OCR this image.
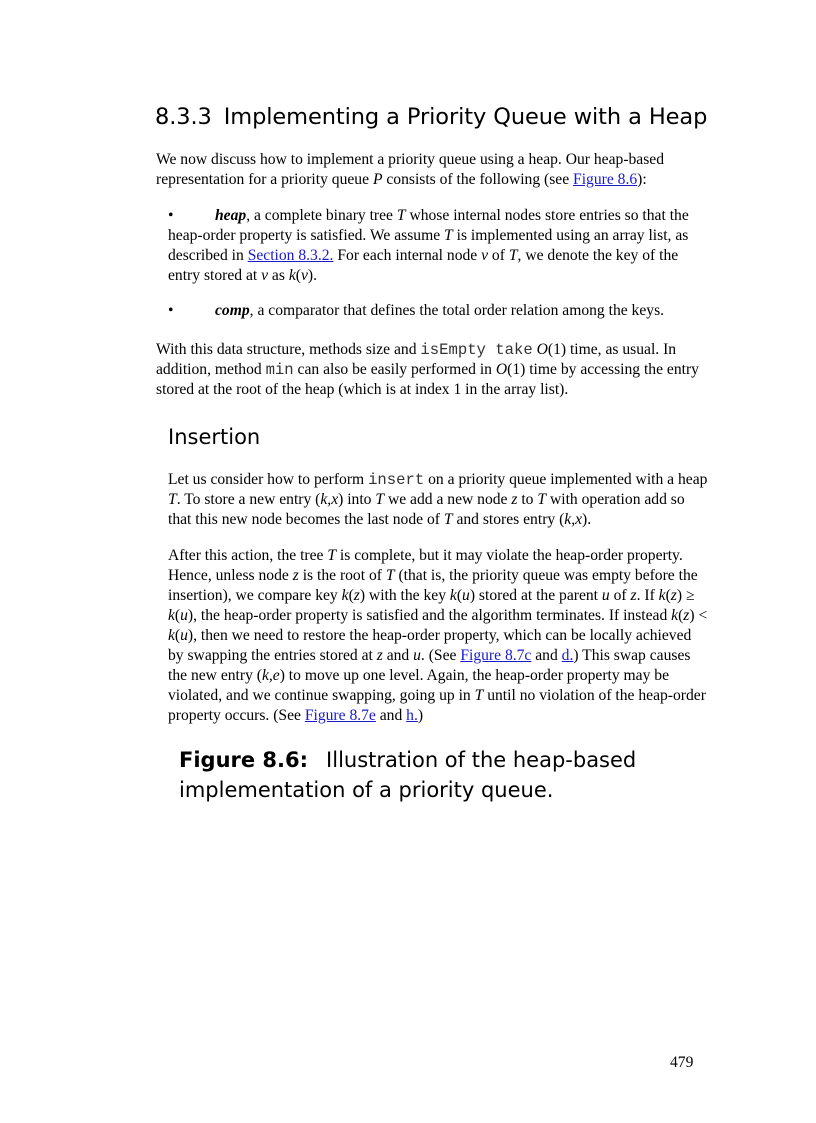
8.3.3 Implementing a Priority Queue with a Heap

We now discuss how to implement a priority queue using a heap. Our heap-based representation for a priority queue P consists of the following (see Figure 8.6):

•	heap, a complete binary tree T whose internal nodes store entries so that the heap-order property is satisfied. We assume T is implemented using an array list, as described in Section 8.3.2. For each internal node v of T, we denote the key of the entry stored at v as k(v).
•	comp, a comparator that defines the total order relation among the keys.

With this data structure, methods size and isEmpty take O(1) time, as usual. In addition, method min can also be easily performed in O(1) time by accessing the entry stored at the root of the heap (which is at index 1 in the array list).

Insertion

Let us consider how to perform insert on a priority queue implemented with a heap T. To store a new entry (k,x) into T we add a new node z to T with operation add so that this new node becomes the last node of T and stores entry (k,x).

After this action, the tree T is complete, but it may violate the heap-order property. Hence, unless node z is the root of T (that is, the priority queue was empty before the insertion), we compare key k(z) with the key k(u) stored at the parent u of z. If k(z) ≥ k(u), the heap-order property is satisfied and the algorithm terminates. If instead k(z) < k(u), then we need to restore the heap-order property, which can be locally achieved by swapping the entries stored at z and u. (See Figure 8.7c and d.) This swap causes the new entry (k,e) to move up one level. Again, the heap-order property may be violated, and we continue swapping, going up in T until no violation of the heap-order property occurs. (See Figure 8.7e and h.)

Figure 8.6: Illustration of the heap-based implementation of a priority queue.

479
